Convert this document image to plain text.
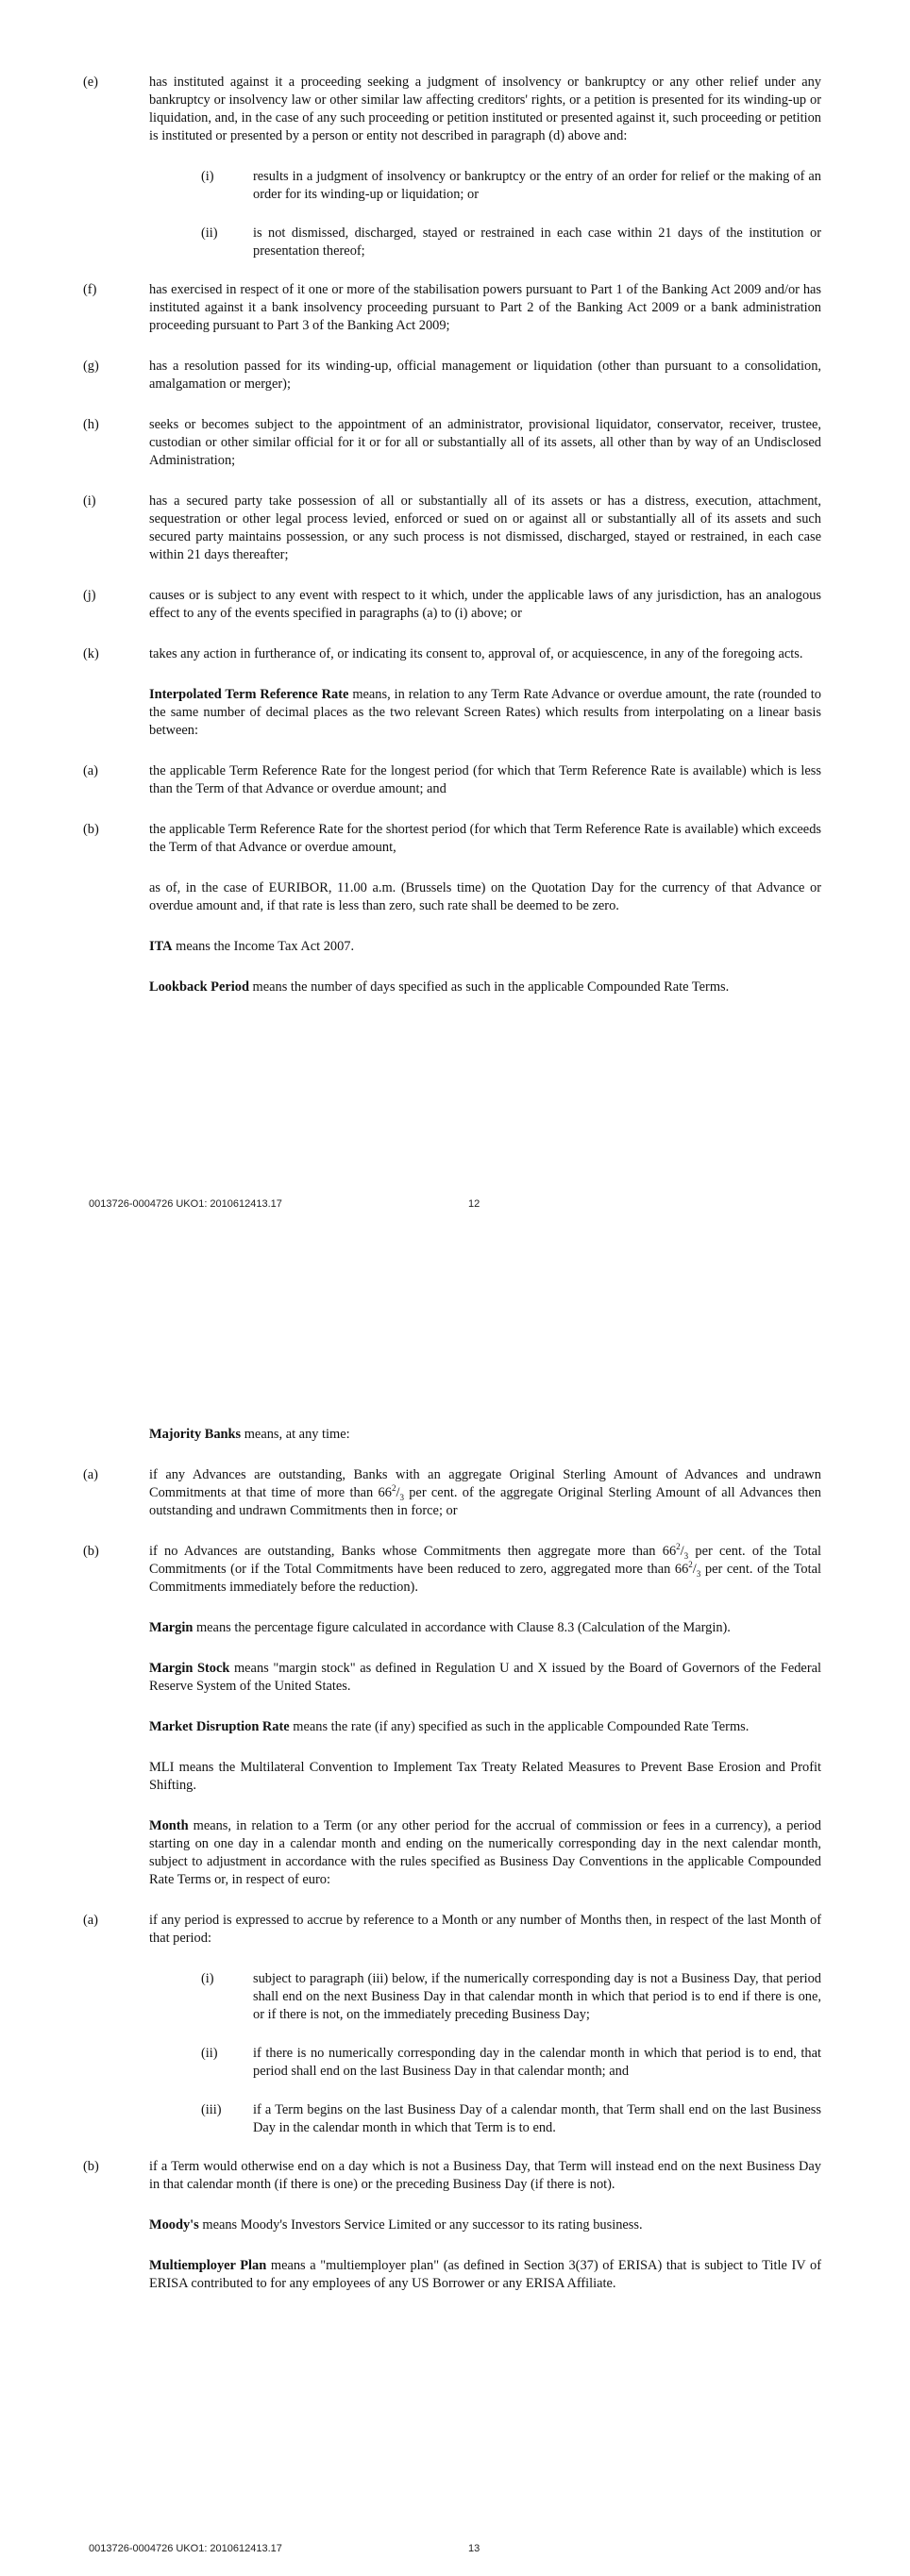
(e)	has instituted against it a proceeding seeking a judgment of insolvency or bankruptcy or any other relief under any bankruptcy or insolvency law or other similar law affecting creditors' rights, or a petition is presented for its winding-up or liquidation, and, in the case of any such proceeding or petition instituted or presented against it, such proceeding or petition is instituted or presented by a person or entity not described in paragraph (d) above and:
(i)	results in a judgment of insolvency or bankruptcy or the entry of an order for relief or the making of an order for its winding-up or liquidation; or
(ii)	is not dismissed, discharged, stayed or restrained in each case within 21 days of the institution or presentation thereof;
(f)	has exercised in respect of it one or more of the stabilisation powers pursuant to Part 1 of the Banking Act 2009 and/or has instituted against it a bank insolvency proceeding pursuant to Part 2 of the Banking Act 2009 or a bank administration proceeding pursuant to Part 3 of the Banking Act 2009;
(g)	has a resolution passed for its winding-up, official management or liquidation (other than pursuant to a consolidation, amalgamation or merger);
(h)	seeks or becomes subject to the appointment of an administrator, provisional liquidator, conservator, receiver, trustee, custodian or other similar official for it or for all or substantially all of its assets, all other than by way of an Undisclosed Administration;
(i)	has a secured party take possession of all or substantially all of its assets or has a distress, execution, attachment, sequestration or other legal process levied, enforced or sued on or against all or substantially all of its assets and such secured party maintains possession, or any such process is not dismissed, discharged, stayed or restrained, in each case within 21 days thereafter;
(j)	causes or is subject to any event with respect to it which, under the applicable laws of any jurisdiction, has an analogous effect to any of the events specified in paragraphs (a) to (i) above; or
(k)	takes any action in furtherance of, or indicating its consent to, approval of, or acquiescence, in any of the foregoing acts.
Interpolated Term Reference Rate means, in relation to any Term Rate Advance or overdue amount, the rate (rounded to the same number of decimal places as the two relevant Screen Rates) which results from interpolating on a linear basis between:
(a)	the applicable Term Reference Rate for the longest period (for which that Term Reference Rate is available) which is less than the Term of that Advance or overdue amount; and
(b)	the applicable Term Reference Rate for the shortest period (for which that Term Reference Rate is available) which exceeds the Term of that Advance or overdue amount,
as of, in the case of EURIBOR, 11.00 a.m. (Brussels time) on the Quotation Day for the currency of that Advance or overdue amount and, if that rate is less than zero, such rate shall be deemed to be zero.
ITA means the Income Tax Act 2007.
Lookback Period means the number of days specified as such in the applicable Compounded Rate Terms.
0013726-0004726 UKO1: 2010612413.17	12
Majority Banks means, at any time:
(a)	if any Advances are outstanding, Banks with an aggregate Original Sterling Amount of Advances and undrawn Commitments at that time of more than $66^2/_3$ per cent. of the aggregate Original Sterling Amount of all Advances then outstanding and undrawn Commitments then in force; or
(b)	if no Advances are outstanding, Banks whose Commitments then aggregate more than $66^2/_3$ per cent. of the Total Commitments (or if the Total Commitments have been reduced to zero, aggregated more than $66^2/_3$ per cent. of the Total Commitments immediately before the reduction).
Margin means the percentage figure calculated in accordance with Clause 8.3 (Calculation of the Margin).
Margin Stock means "margin stock" as defined in Regulation U and X issued by the Board of Governors of the Federal Reserve System of the United States.
Market Disruption Rate means the rate (if any) specified as such in the applicable Compounded Rate Terms.
MLI means the Multilateral Convention to Implement Tax Treaty Related Measures to Prevent Base Erosion and Profit Shifting.
Month means, in relation to a Term (or any other period for the accrual of commission or fees in a currency), a period starting on one day in a calendar month and ending on the numerically corresponding day in the next calendar month, subject to adjustment in accordance with the rules specified as Business Day Conventions in the applicable Compounded Rate Terms or, in respect of euro:
(a)	if any period is expressed to accrue by reference to a Month or any number of Months then, in respect of the last Month of that period:
(i)	subject to paragraph (iii) below, if the numerically corresponding day is not a Business Day, that period shall end on the next Business Day in that calendar month in which that period is to end if there is one, or if there is not, on the immediately preceding Business Day;
(ii)	if there is no numerically corresponding day in the calendar month in which that period is to end, that period shall end on the last Business Day in that calendar month; and
(iii) if a Term begins on the last Business Day of a calendar month, that Term shall end on the last Business Day in the calendar month in which that Term is to end.
(b)	if a Term would otherwise end on a day which is not a Business Day, that Term will instead end on the next Business Day in that calendar month (if there is one) or the preceding Business Day (if there is not).
Moody's means Moody's Investors Service Limited or any successor to its rating business.
Multiemployer Plan means a "multiemployer plan" (as defined in Section 3(37) of ERISA) that is subject to Title IV of ERISA contributed to for any employees of any US Borrower or any ERISA Affiliate.
0013726-0004726 UKO1: 2010612413.17	13
